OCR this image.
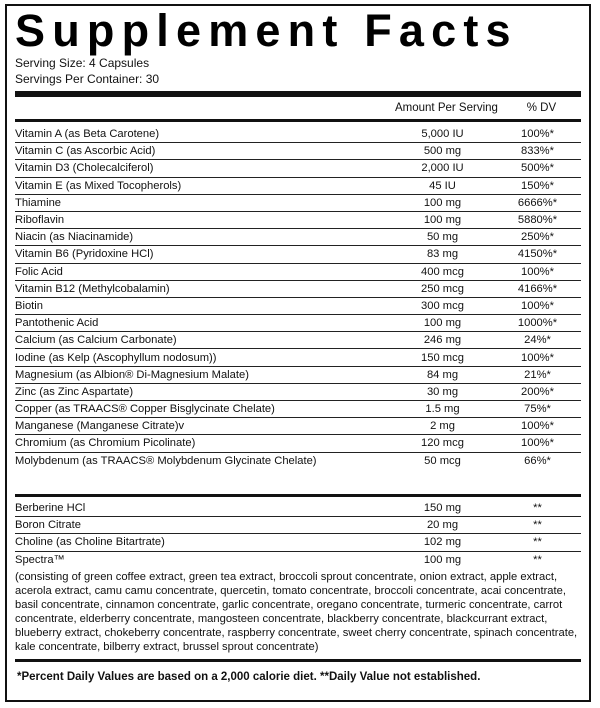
Supplement Facts
Serving Size: 4 Capsules
Servings Per Container: 30
Amount Per Serving	% DV
Vitamin A (as Beta Carotene)	5,000 IU	100%*
Vitamin C (as Ascorbic Acid)	500 mg	833%*
Vitamin D3 (Cholecalciferol)	2,000 IU	500%*
Vitamin E (as Mixed Tocopherols)	45 IU	150%*
Thiamine	100 mg	6666%*
Riboflavin	100 mg	5880%*
Niacin (as Niacinamide)	50 mg	250%*
Vitamin B6 (Pyridoxine HCl)	83 mg	4150%*
Folic Acid	400 mcg	100%*
Vitamin B12 (Methylcobalamin)	250 mcg	4166%*
Biotin	300 mcg	100%*
Pantothenic Acid	100 mg	1000%*
Calcium (as Calcium Carbonate)	246 mg	24%*
Iodine (as Kelp (Ascophyllum nodosum))	150 mcg	100%*
Magnesium (as Albion® Di-Magnesium Malate)	84 mg	21%*
Zinc (as Zinc Aspartate)	30 mg	200%*
Copper (as TRAACS® Copper Bisglycinate Chelate)	1.5 mg	75%*
Manganese (Manganese Citrate)v	2 mg	100%*
Chromium (as Chromium Picolinate)	120 mcg	100%*
Molybdenum (as TRAACS® Molybdenum Glycinate Chelate)	50 mcg	66%*
Berberine HCl	150 mg	**
Boron Citrate	20 mg	**
Choline (as Choline Bitartrate)	102 mg	**
Spectra™	100 mg	**
(consisting of green coffee extract, green tea extract, broccoli sprout concentrate, onion extract, apple extract, acerola extract, camu camu concentrate, quercetin, tomato concentrate, broccoli concentrate, acai concentrate, basil concentrate, cinnamon concentrate, garlic concentrate, oregano concentrate, turmeric concentrate, carrot concentrate, elderberry concentrate, mangosteen concentrate, blackberry concentrate, blackcurrant extract, blueberry extract, chokeberry concentrate, raspberry concentrate, sweet cherry concentrate, spinach concentrate, kale concentrate, bilberry extract, brussel sprout concentrate)
*Percent Daily Values are based on a 2,000 calorie diet. **Daily Value not established.
